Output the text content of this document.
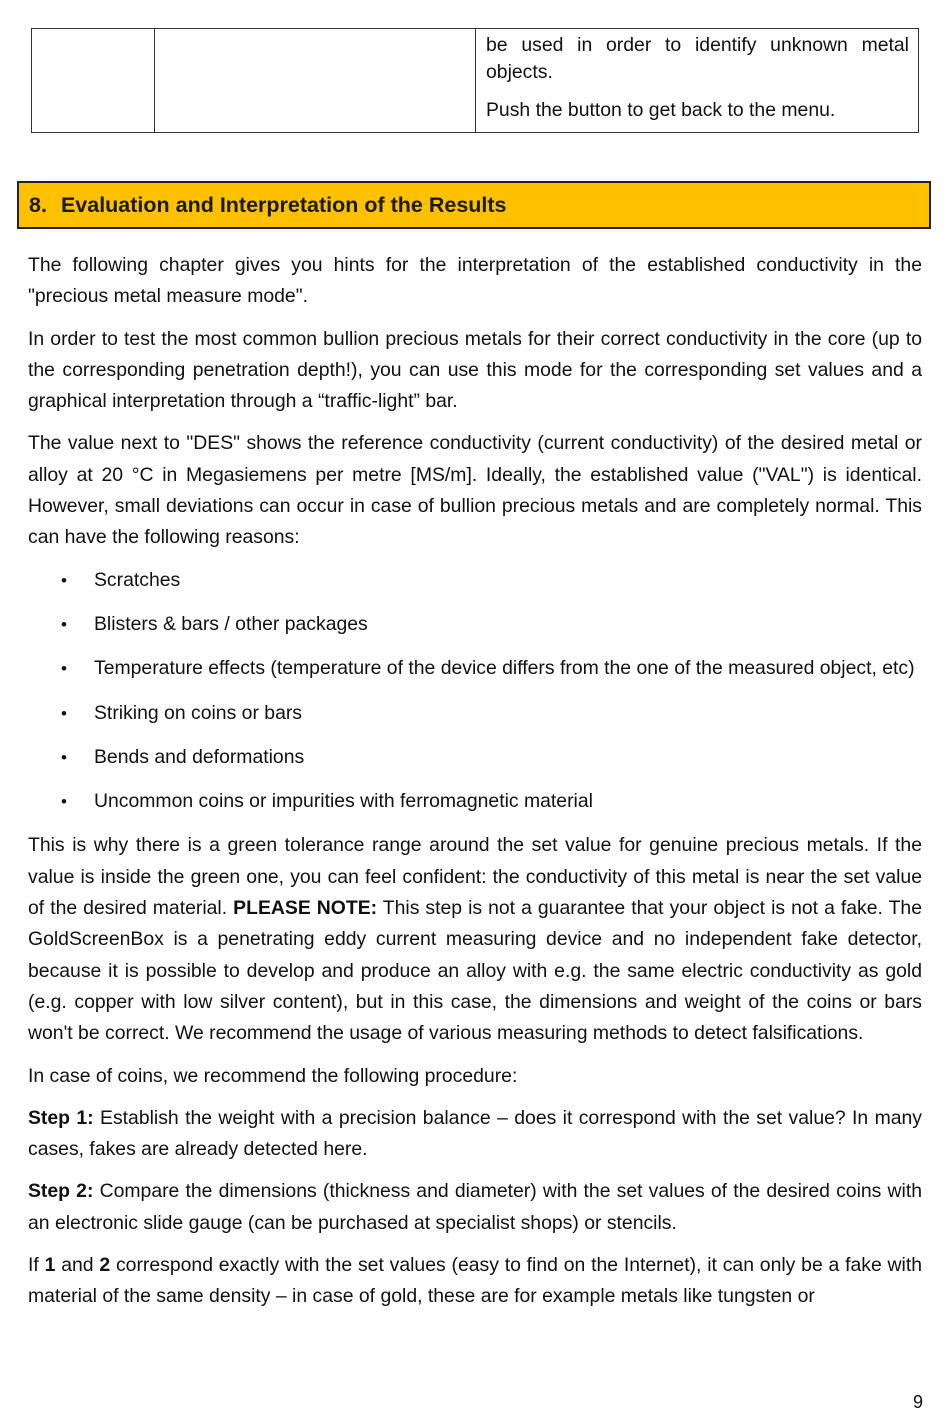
be used in order to identify unknown metal objects.

Push the button to get back to the menu.

8. Evaluation and Interpretation of the Results

The following chapter gives you hints for the interpretation of the established conductivity in the "precious metal measure mode".

In order to test the most common bullion precious metals for their correct conductivity in the core (up to the corresponding penetration depth!), you can use this mode for the corresponding set values and a graphical interpretation through a “traffic-light” bar.

The value next to "DES" shows the reference conductivity (current conductivity) of the desired metal or alloy at 20 °C in Megasiemens per metre [MS/m]. Ideally, the established value ("VAL") is identical. However, small deviations can occur in case of bullion precious metals and are completely normal. This can have the following reasons:

• Scratches
• Blisters & bars / other packages
• Temperature effects (temperature of the device differs from the one of the measured object, etc)
• Striking on coins or bars
• Bends and deformations
• Uncommon coins or impurities with ferromagnetic material

This is why there is a green tolerance range around the set value for genuine precious metals. If the value is inside the green one, you can feel confident: the conductivity of this metal is near the set value of the desired material. PLEASE NOTE: This step is not a guarantee that your object is not a fake. The GoldScreenBox is a penetrating eddy current measuring device and no independent fake detector, because it is possible to develop and produce an alloy with e.g. the same electric conductivity as gold (e.g. copper with low silver content), but in this case, the dimensions and weight of the coins or bars won't be correct. We recommend the usage of various measuring methods to detect falsifications.

In case of coins, we recommend the following procedure:

Step 1: Establish the weight with a precision balance – does it correspond with the set value? In many cases, fakes are already detected here.

Step 2: Compare the dimensions (thickness and diameter) with the set values of the desired coins with an electronic slide gauge (can be purchased at specialist shops) or stencils.

If 1 and 2 correspond exactly with the set values (easy to find on the Internet), it can only be a fake with material of the same density – in case of gold, these are for example metals like tungsten or

9
